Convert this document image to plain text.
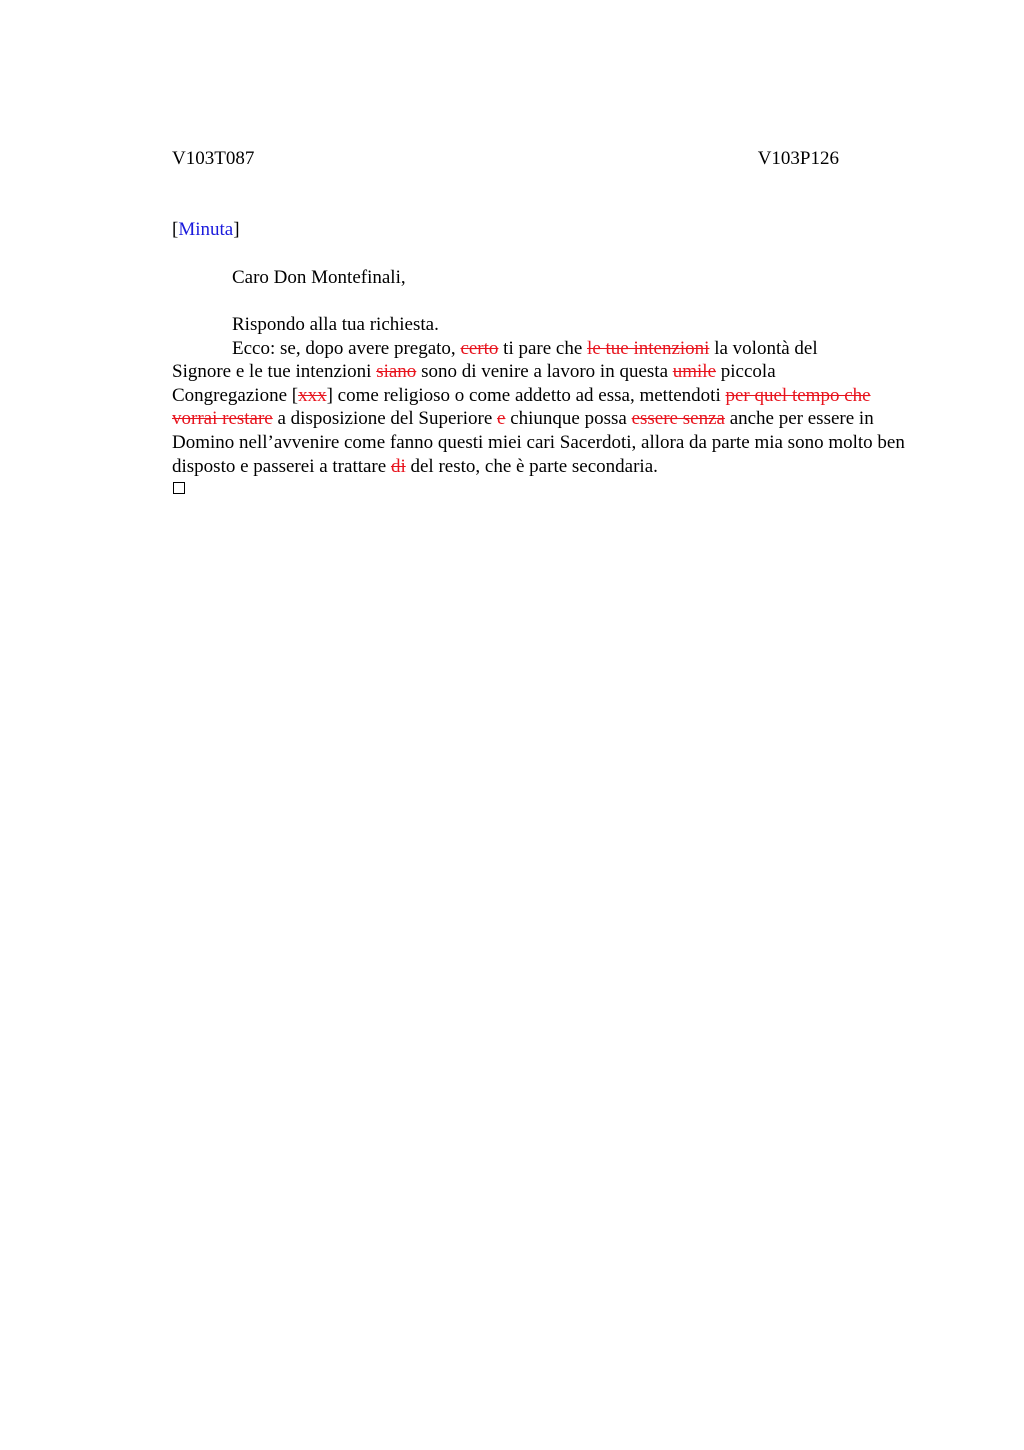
V103T087	V103P126
[Minuta]
Caro Don Montefinali,
Rispondo alla tua richiesta.
Ecco: se, dopo avere pregato, certo ti pare che le tue intenzioni la volontà del
Signore e le tue intenzioni siano sono di venire a lavoro in questa umile piccola
Congregazione [xxx] come religioso o come addetto ad essa, mettendoti per quel tempo che vorrai restare a disposizione del Superiore e chiunque possa essere senza anche per essere in Domino nell’avvenire come fanno questi miei cari Sacerdoti, allora da parte mia sono molto ben disposto e passerei a trattare di del resto, che è parte secondaria.
